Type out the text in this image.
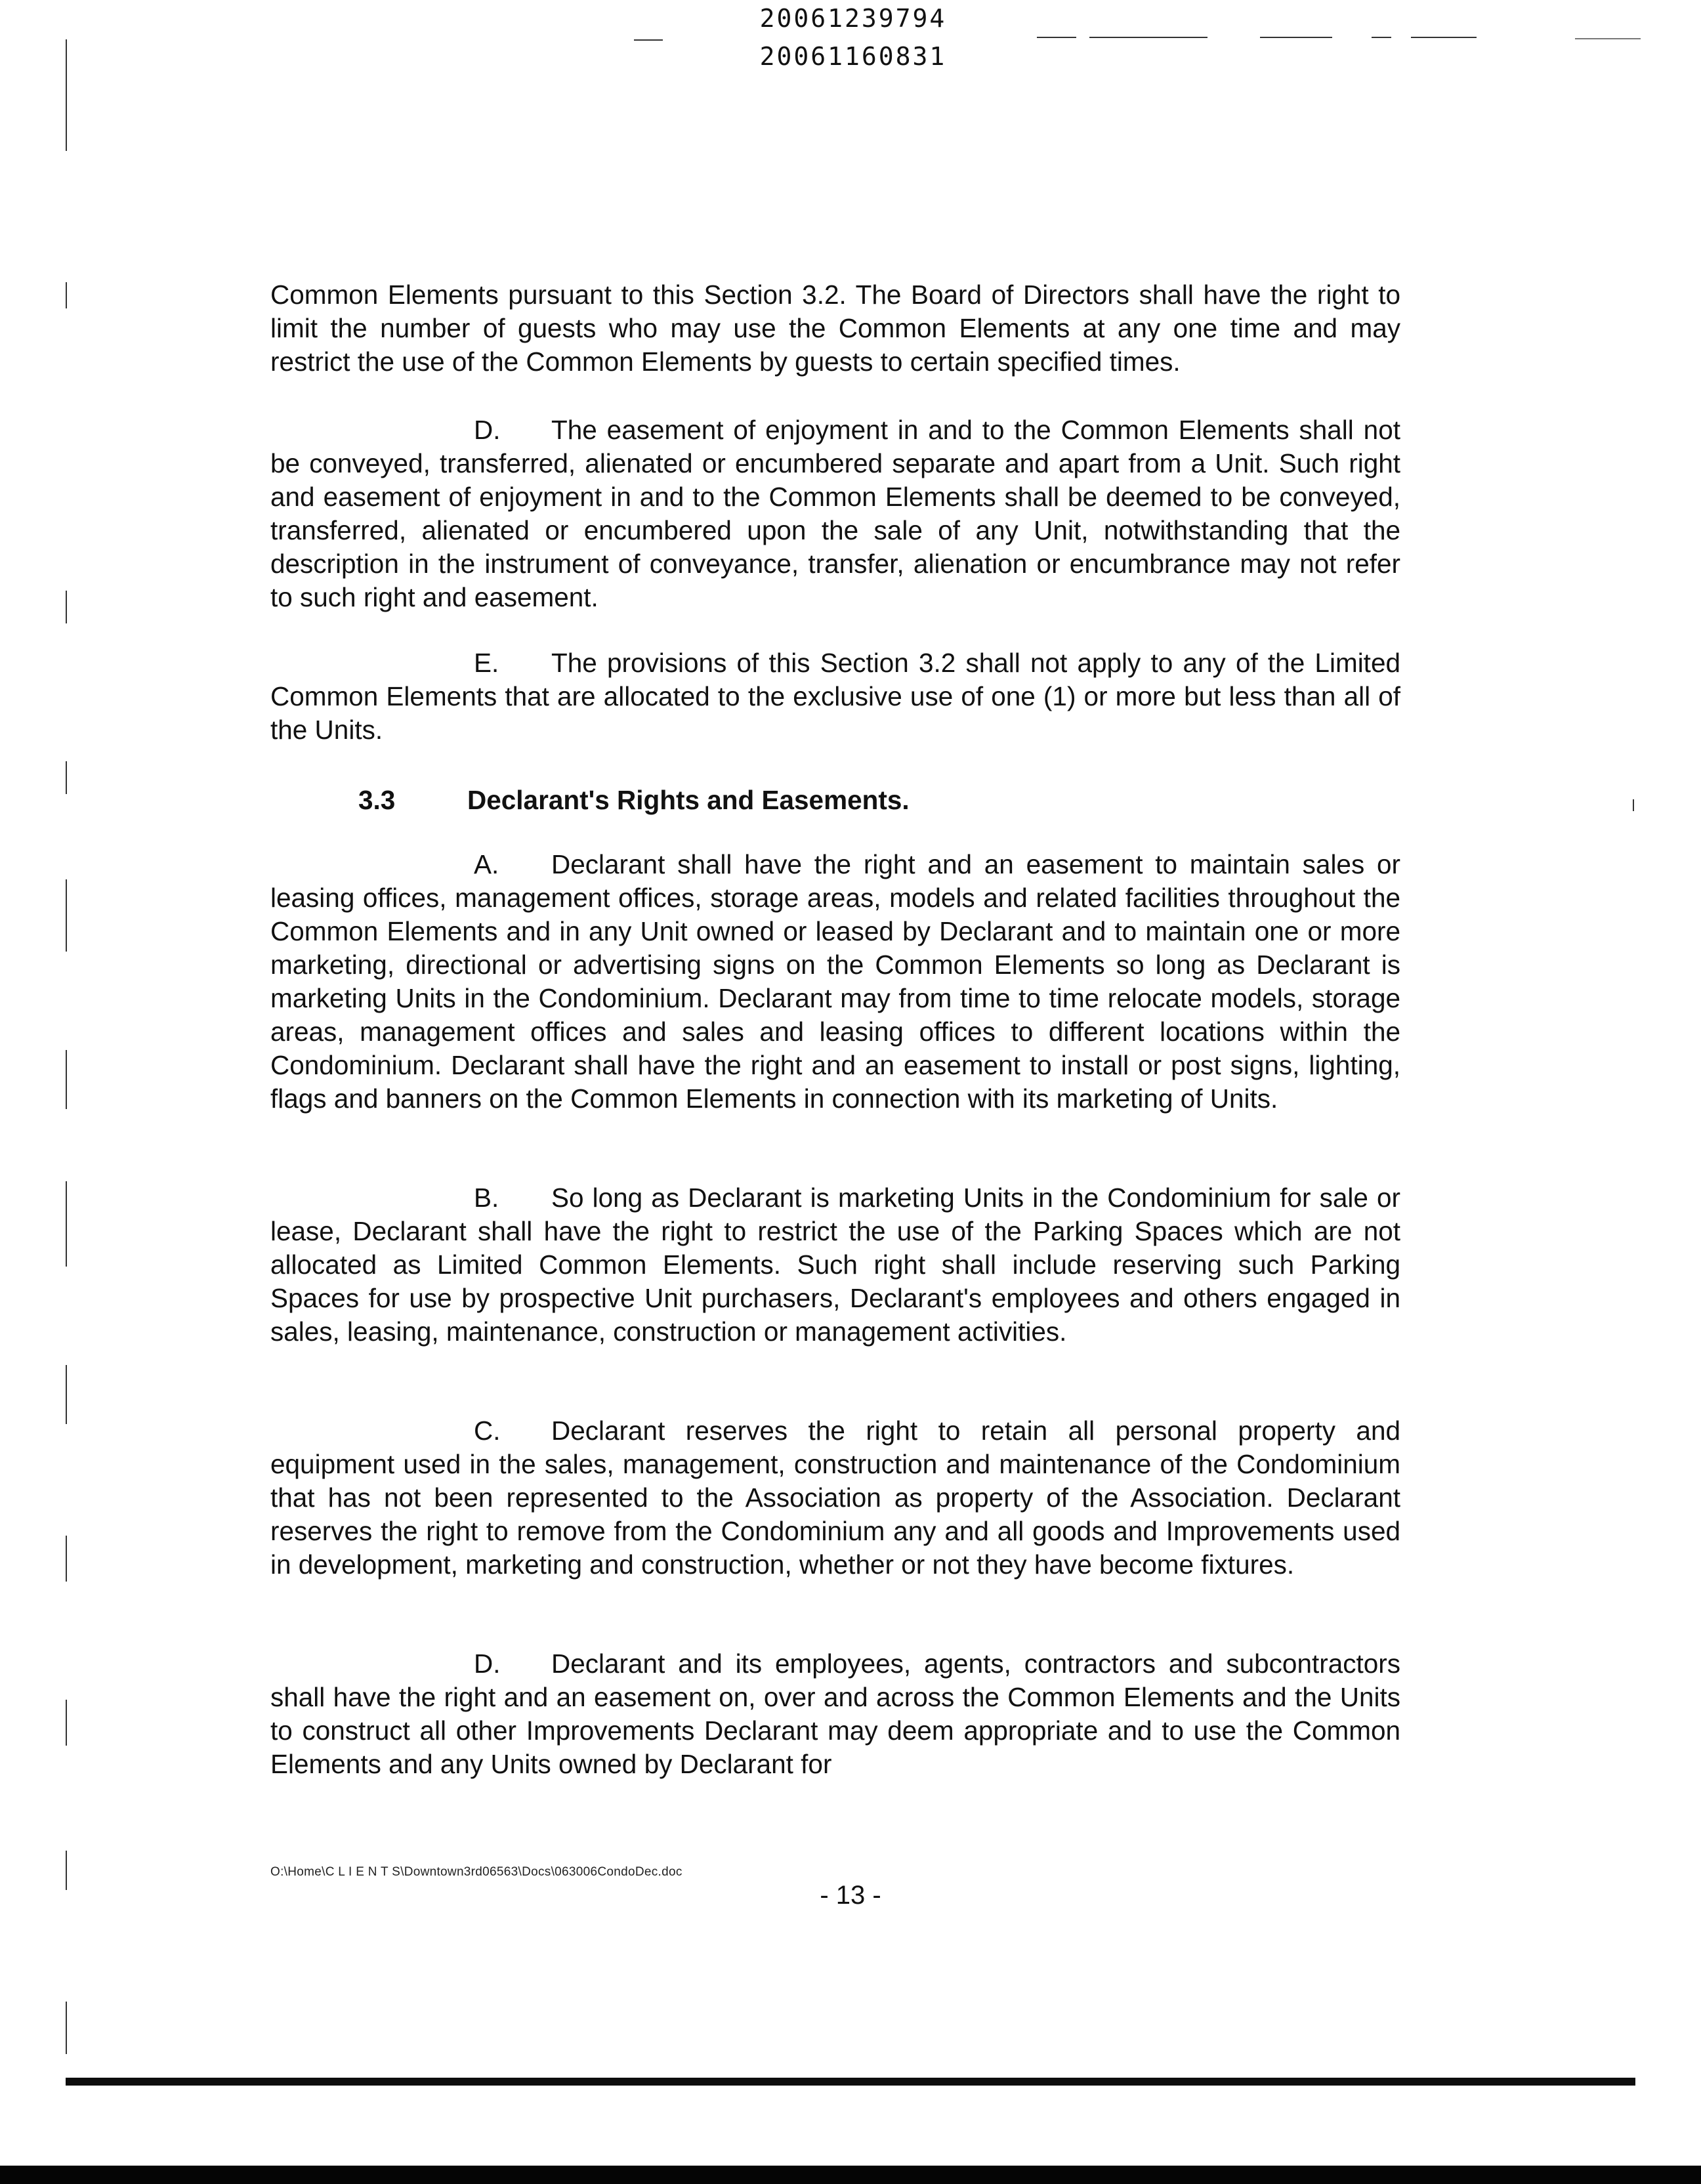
20061239794
20061160831

Common Elements pursuant to this Section 3.2. The Board of Directors shall have the right to limit the number of guests who may use the Common Elements at any one time and may restrict the use of the Common Elements by guests to certain specified times.

D. The easement of enjoyment in and to the Common Elements shall not be conveyed, transferred, alienated or encumbered separate and apart from a Unit. Such right and easement of enjoyment in and to the Common Elements shall be deemed to be conveyed, transferred, alienated or encumbered upon the sale of any Unit, notwithstanding that the description in the instrument of conveyance, transfer, alienation or encumbrance may not refer to such right and easement.

E. The provisions of this Section 3.2 shall not apply to any of the Limited Common Elements that are allocated to the exclusive use of one (1) or more but less than all of the Units.

3.3	Declarant's Rights and Easements.

A. Declarant shall have the right and an easement to maintain sales or leasing offices, management offices, storage areas, models and related facilities throughout the Common Elements and in any Unit owned or leased by Declarant and to maintain one or more marketing, directional or advertising signs on the Common Elements so long as Declarant is marketing Units in the Condominium. Declarant may from time to time relocate models, storage areas, management offices and sales and leasing offices to different locations within the Condominium. Declarant shall have the right and an easement to install or post signs, lighting, flags and banners on the Common Elements in connection with its marketing of Units.

B. So long as Declarant is marketing Units in the Condominium for sale or lease, Declarant shall have the right to restrict the use of the Parking Spaces which are not allocated as Limited Common Elements. Such right shall include reserving such Parking Spaces for use by prospective Unit purchasers, Declarant's employees and others engaged in sales, leasing, maintenance, construction or management activities.

C. Declarant reserves the right to retain all personal property and equipment used in the sales, management, construction and maintenance of the Condominium that has not been represented to the Association as property of the Association. Declarant reserves the right to remove from the Condominium any and all goods and Improvements used in development, marketing and construction, whether or not they have become fixtures.

D. Declarant and its employees, agents, contractors and subcontractors shall have the right and an easement on, over and across the Common Elements and the Units to construct all other Improvements Declarant may deem appropriate and to use the Common Elements and any Units owned by Declarant for

O:\Home\C L I E N T S\Downtown3rd06563\Docs\063006CondoDec.doc
- 13 -
